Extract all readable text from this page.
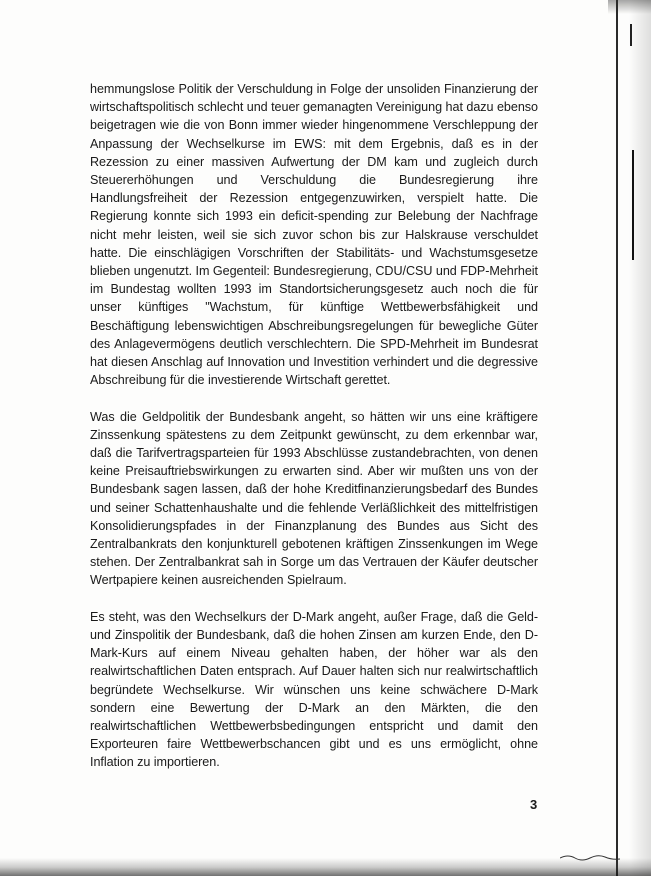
hemmungslose Politik der Verschuldung in Folge der unsoliden Finanzierung der wirtschaftspolitisch schlecht und teuer gemanagten Vereinigung hat dazu ebenso beigetragen wie die von Bonn immer wieder hingenommene Verschleppung der Anpassung der Wechselkurse im EWS: mit dem Ergebnis, daß es in der Rezession zu einer massiven Aufwertung der DM kam und zugleich durch Steuererhöhungen und Verschuldung die Bundesregierung ihre Handlungsfreiheit der Rezession entgegenzuwirken, verspielt hatte. Die Regierung konnte sich 1993 ein deficit-spending zur Belebung der Nachfrage nicht mehr leisten, weil sie sich zuvor schon bis zur Halskrause verschuldet hatte. Die einschlägigen Vorschriften der Stabilitäts- und Wachstumsgesetze blieben ungenutzt. Im Gegenteil: Bundesregierung, CDU/CSU und FDP-Mehrheit im Bundestag wollten 1993 im Standortsicherungsgesetz auch noch die für unser künftiges "Wachstum, für künftige Wettbewerbsfähigkeit und Beschäftigung lebenswichtigen Abschreibungsregelungen für bewegliche Güter des Anlagevermögens deutlich verschlechtern. Die SPD-Mehrheit im Bundesrat hat diesen Anschlag auf Innovation und Investition verhindert und die degressive Abschreibung für die investierende Wirtschaft gerettet.

Was die Geldpolitik der Bundesbank angeht, so hätten wir uns eine kräftigere Zinssenkung spätestens zu dem Zeitpunkt gewünscht, zu dem erkennbar war, daß die Tarifvertragsparteien für 1993 Abschlüsse zustandebrachten, von denen keine Preisauftriebswirkungen zu erwarten sind. Aber wir mußten uns von der Bundesbank sagen lassen, daß der hohe Kreditfinanzierungsbedarf des Bundes und seiner Schattenhaushalte und die fehlende Verläßlichkeit des mittelfristigen Konsolidierungspfades in der Finanzplanung des Bundes aus Sicht des Zentralbankrats den konjunkturell gebotenen kräftigen Zinssenkungen im Wege stehen. Der Zentralbankrat sah in Sorge um das Vertrauen der Käufer deutscher Wertpapiere keinen ausreichenden Spielraum.

Es steht, was den Wechselkurs der D-Mark angeht, außer Frage, daß die Geld- und Zinspolitik der Bundesbank, daß die hohen Zinsen am kurzen Ende, den D-Mark-Kurs auf einem Niveau gehalten haben, der höher war als den realwirtschaftlichen Daten entsprach. Auf Dauer halten sich nur realwirtschaftlich begründete Wechselkurse. Wir wünschen uns keine schwächere D-Mark sondern eine Bewertung der D-Mark an den Märkten, die den realwirtschaftlichen Wettbewerbsbedingungen entspricht und damit den Exporteuren faire Wettbewerbschancen gibt und es uns ermöglicht, ohne Inflation zu importieren.

3
